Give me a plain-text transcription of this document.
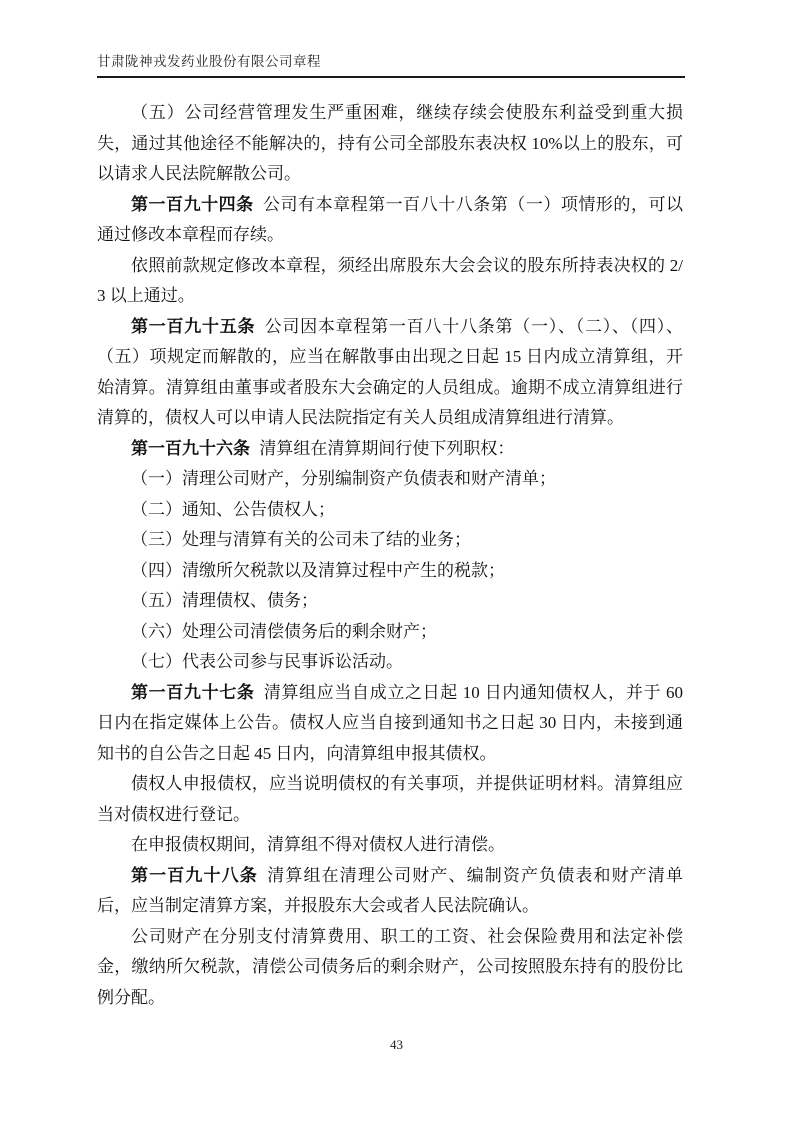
甘肃陇神戎发药业股份有限公司章程

（五）公司经营管理发生严重困难，继续存续会使股东利益受到重大损失，通过其他途径不能解决的，持有公司全部股东表决权 10%以上的股东，可以请求人民法院解散公司。

第一百九十四条 公司有本章程第一百八十八条第（一）项情形的，可以通过修改本章程而存续。

依照前款规定修改本章程，须经出席股东大会会议的股东所持表决权的 2/3 以上通过。

第一百九十五条 公司因本章程第一百八十八条第（一）、（二）、（四）、（五）项规定而解散的，应当在解散事由出现之日起 15 日内成立清算组，开始清算。清算组由董事或者股东大会确定的人员组成。逾期不成立清算组进行清算的，债权人可以申请人民法院指定有关人员组成清算组进行清算。

第一百九十六条 清算组在清算期间行使下列职权：

（一）清理公司财产，分别编制资产负债表和财产清单；

（二）通知、公告债权人；

（三）处理与清算有关的公司未了结的业务；

（四）清缴所欠税款以及清算过程中产生的税款；

（五）清理债权、债务；

（六）处理公司清偿债务后的剩余财产；

（七）代表公司参与民事诉讼活动。

第一百九十七条 清算组应当自成立之日起 10 日内通知债权人，并于 60 日内在指定媒体上公告。债权人应当自接到通知书之日起 30 日内，未接到通知书的自公告之日起 45 日内，向清算组申报其债权。

债权人申报债权，应当说明债权的有关事项，并提供证明材料。清算组应当对债权进行登记。

在申报债权期间，清算组不得对债权人进行清偿。

第一百九十八条 清算组在清理公司财产、编制资产负债表和财产清单后，应当制定清算方案，并报股东大会或者人民法院确认。

公司财产在分别支付清算费用、职工的工资、社会保险费用和法定补偿金，缴纳所欠税款，清偿公司债务后的剩余财产，公司按照股东持有的股份比例分配。

43
